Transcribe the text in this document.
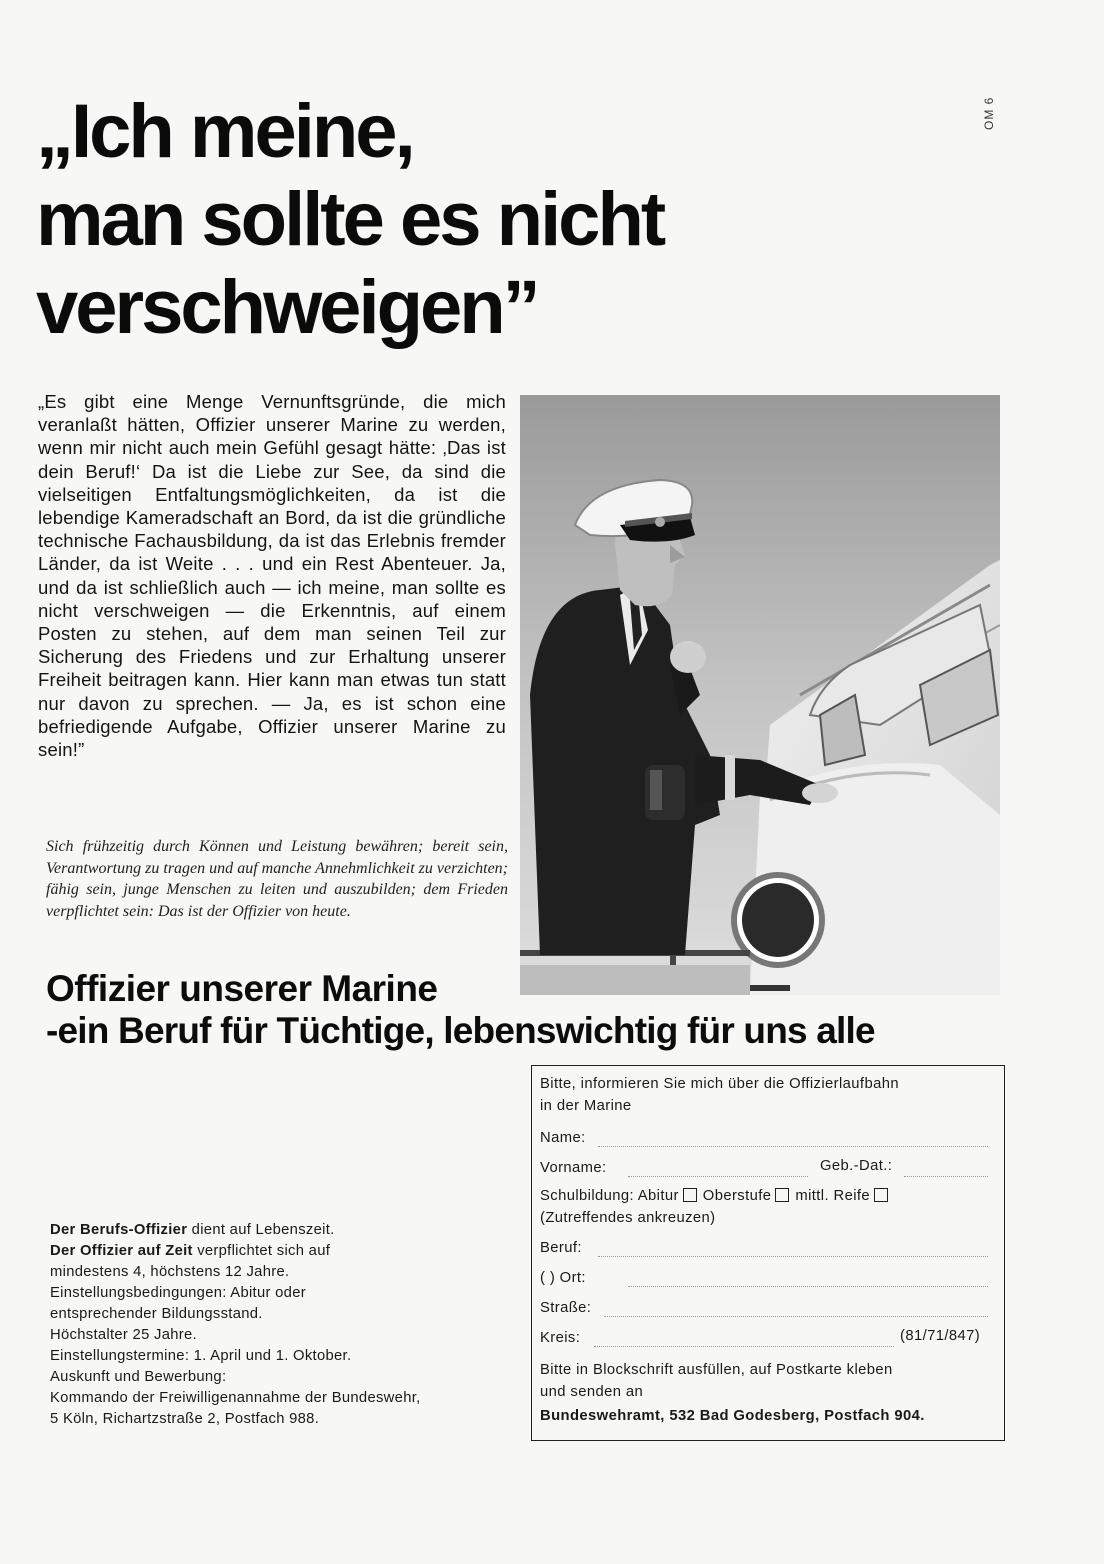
OM 6
„Ich meine,
man sollte es nicht
verschweigen”
„Es gibt eine Menge Vernunftsgründe, die mich veranlaßt hätten, Offizier unserer Marine zu werden, wenn mir nicht auch mein Gefühl gesagt hätte: ‚Das ist dein Beruf!‘ Da ist die Liebe zur See, da sind die vielseitigen Entfaltungsmöglichkeiten, da ist die lebendige Kameradschaft an Bord, da ist die gründliche technische Fachausbildung, da ist das Erlebnis fremder Länder, da ist Weite . . . und ein Rest Abenteuer. Ja, und da ist schließlich auch — ich meine, man sollte es nicht verschweigen — die Erkenntnis, auf einem Posten zu stehen, auf dem man seinen Teil zur Sicherung des Friedens und zur Erhaltung unserer Freiheit beitragen kann. Hier kann man etwas tun statt nur davon zu sprechen. — Ja, es ist schon eine befriedigende Aufgabe, Offizier unserer Marine zu sein!”
Sich frühzeitig durch Können und Leistung bewähren; bereit sein, Verantwortung zu tragen und auf manche Annehmlichkeit zu verzichten; fähig sein, junge Menschen zu leiten und auszubilden; dem Frieden verpflichtet sein: Das ist der Offizier von heute.
Offizier unserer Marine
-ein Beruf für Tüchtige, lebenswichtig für uns alle
Der Berufs-Offizier dient auf Lebenszeit.
Der Offizier auf Zeit verpflichtet sich auf
mindestens 4, höchstens 12 Jahre.
Einstellungsbedingungen: Abitur oder
entsprechender Bildungsstand.
Höchstalter 25 Jahre.
Einstellungstermine: 1. April und 1. Oktober.
Auskunft und Bewerbung:
Kommando der Freiwilligenannahme der Bundeswehr,
5 Köln, Richartzstraße 2, Postfach 988.
Bitte, informieren Sie mich über die Offizierlaufbahn
in der Marine
Name:
Vorname:	Geb.-Dat.:
Schulbildung: Abitur Oberstufe mittl. Reife
(Zutreffendes ankreuzen)
Beruf:
( ) Ort:
Straße:
Kreis:	(81/71/847)
Bitte in Blockschrift ausfüllen, auf Postkarte kleben
und senden an
Bundeswehramt, 532 Bad Godesberg, Postfach 904.
